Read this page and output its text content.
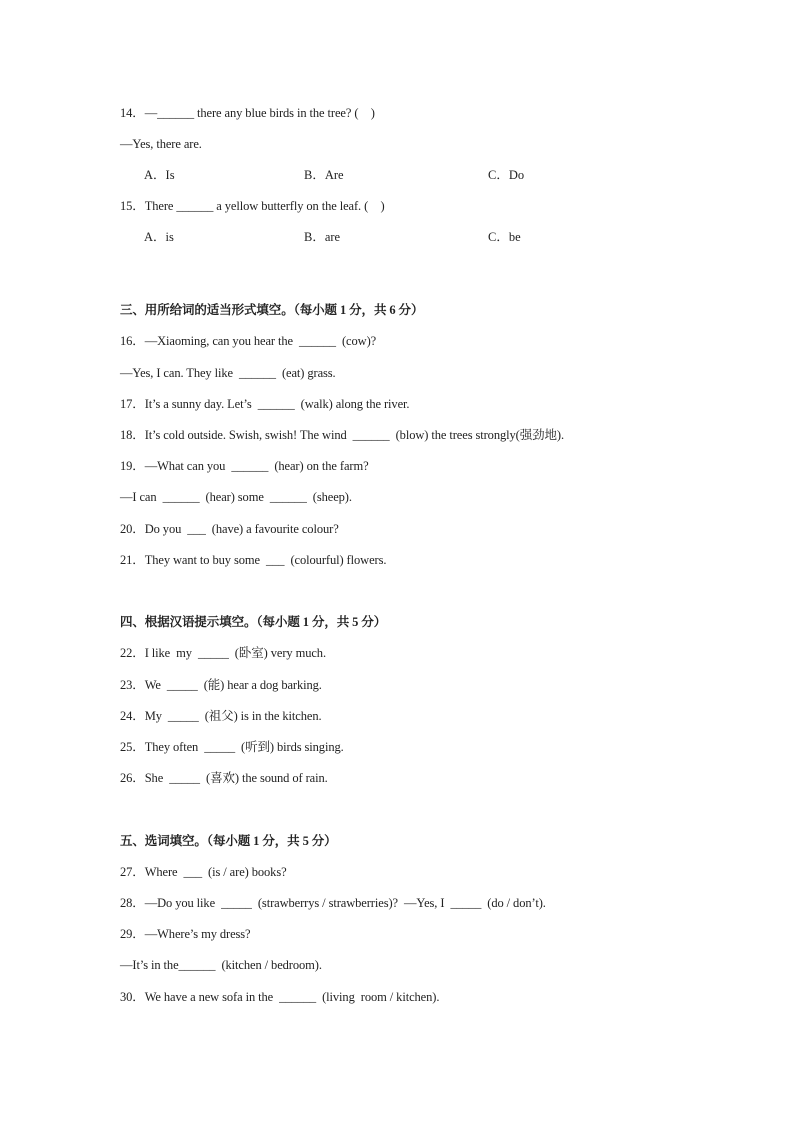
14．—______ there any blue birds in the tree? (　)
—Yes, there are.
A．Is	B．Are	C．Do
15．There ______ a yellow butterfly on the leaf. (　)
A．is	B．are	C．be
三、用所给词的适当形式填空。（每小题 1 分，共 6 分）
16．—Xiaoming, can you hear the  ______  (cow)?
—Yes, I can. They like  ______  (eat) grass.
17．It’s a sunny day. Let’s  ______  (walk) along the river.
18．It’s cold outside. Swish, swish! The wind  ______  (blow) the trees strongly(强劲地).
19．—What can you  ______  (hear) on the farm?
—I can  ______  (hear) some  ______  (sheep).
20．Do you  ___  (have) a favourite colour?
21．They want to buy some  ___  (colourful) flowers.
四、根据汉语提示填空。（每小题 1 分，共 5 分）
22．I like  my  _____  (卧室) very much.
23．We  _____  (能) hear a dog barking.
24．My  _____  (祖父) is in the kitchen.
25．They often  _____  (听到) birds singing.
26．She  _____  (喜欢) the sound of rain.
五、选词填空。（每小题 1 分，共 5 分）
27．Where  ___  (is / are) books?
28．—Do you like  _____  (strawberrys / strawberries)?  —Yes, I  _____  (do / don’t).
29．—Where’s my dress?
—It’s in the______  (kitchen / bedroom).
30．We have a new sofa in the  ______  (living  room / kitchen).
